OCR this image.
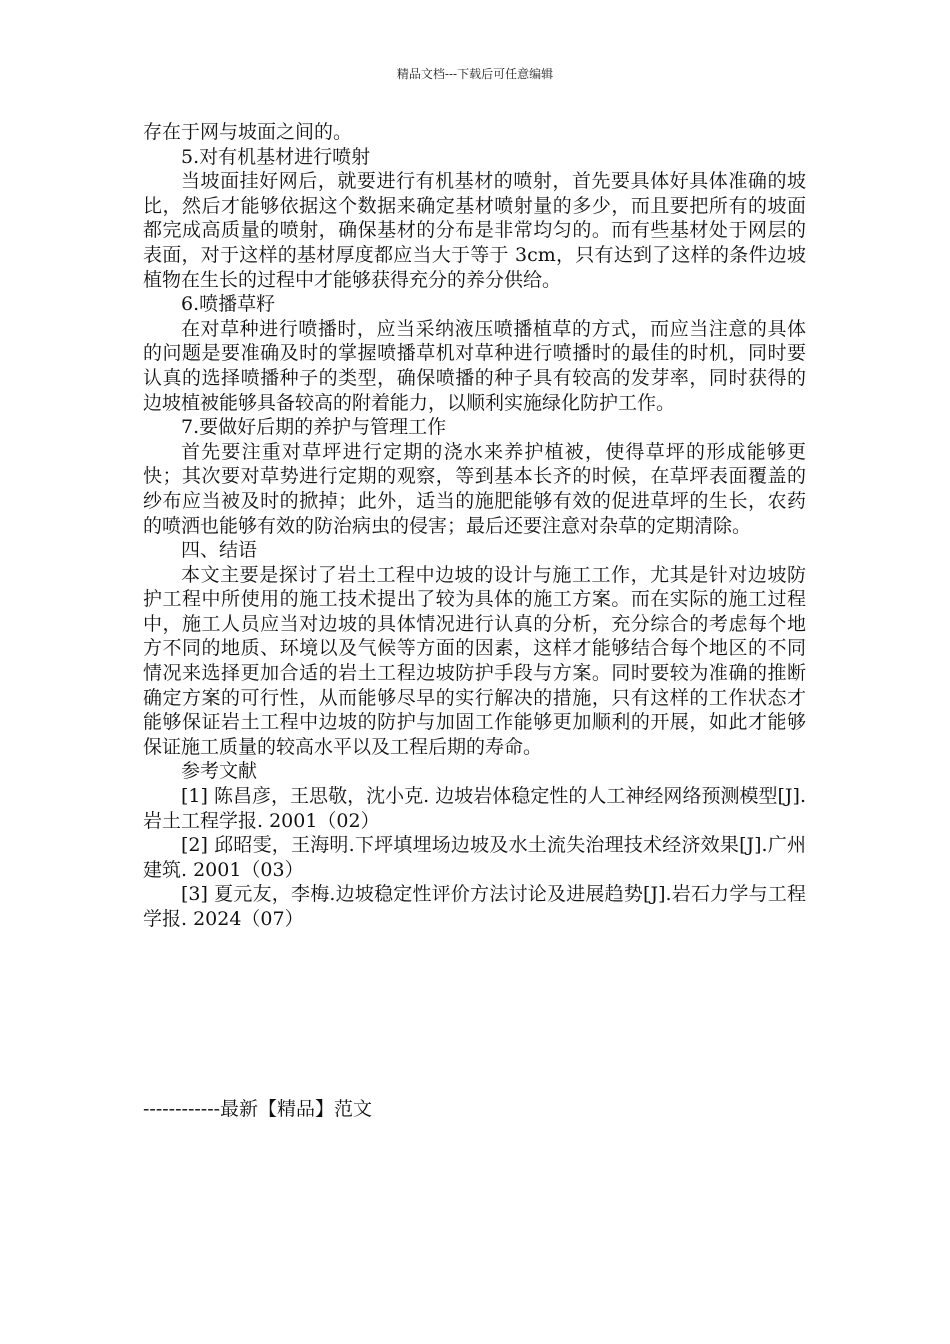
精品文档---下载后可任意编辑

存在于网与坡面之间的。

5.对有机基材进行喷射

当坡面挂好网后，就要进行有机基材的喷射，首先要具体好具体准确的坡比，然后才能够依据这个数据来确定基材喷射量的多少，而且要把所有的坡面都完成高质量的喷射，确保基材的分布是非常均匀的。而有些基材处于网层的表面，对于这样的基材厚度都应当大于等于 3cm，只有达到了这样的条件边坡植物在生长的过程中才能够获得充分的养分供给。

6.喷播草籽

在对草种进行喷播时，应当采纳液压喷播植草的方式，而应当注意的具体的问题是要准确及时的掌握喷播草机对草种进行喷播时的最佳的时机，同时要认真的选择喷播种子的类型，确保喷播的种子具有较高的发芽率，同时获得的边坡植被能够具备较高的附着能力，以顺利实施绿化防护工作。

7.要做好后期的养护与管理工作

首先要注重对草坪进行定期的浇水来养护植被，使得草坪的形成能够更快；其次要对草势进行定期的观察，等到基本长齐的时候，在草坪表面覆盖的纱布应当被及时的掀掉；此外，适当的施肥能够有效的促进草坪的生长，农药的喷洒也能够有效的防治病虫的侵害；最后还要注意对杂草的定期清除。

四、结语

本文主要是探讨了岩土工程中边坡的设计与施工工作，尤其是针对边坡防护工程中所使用的施工技术提出了较为具体的施工方案。而在实际的施工过程中，施工人员应当对边坡的具体情况进行认真的分析，充分综合的考虑每个地方不同的地质、环境以及气候等方面的因素，这样才能够结合每个地区的不同情况来选择更加合适的岩土工程边坡防护手段与方案。同时要较为准确的推断确定方案的可行性，从而能够尽早的实行解决的措施，只有这样的工作状态才能够保证岩土工程中边坡的防护与加固工作能够更加顺利的开展，如此才能够保证施工质量的较高水平以及工程后期的寿命。

参考文献

[1] 陈昌彦，王思敬，沈小克. 边坡岩体稳定性的人工神经网络预测模型[J].岩土工程学报. 2001（02）

[2] 邱昭雯，王海明.下坪填埋场边坡及水土流失治理技术经济效果[J].广州建筑. 2001（03）

[3] 夏元友，李梅.边坡稳定性评价方法讨论及进展趋势[J].岩石力学与工程学报. 2024（07）

------------最新【精品】范文
